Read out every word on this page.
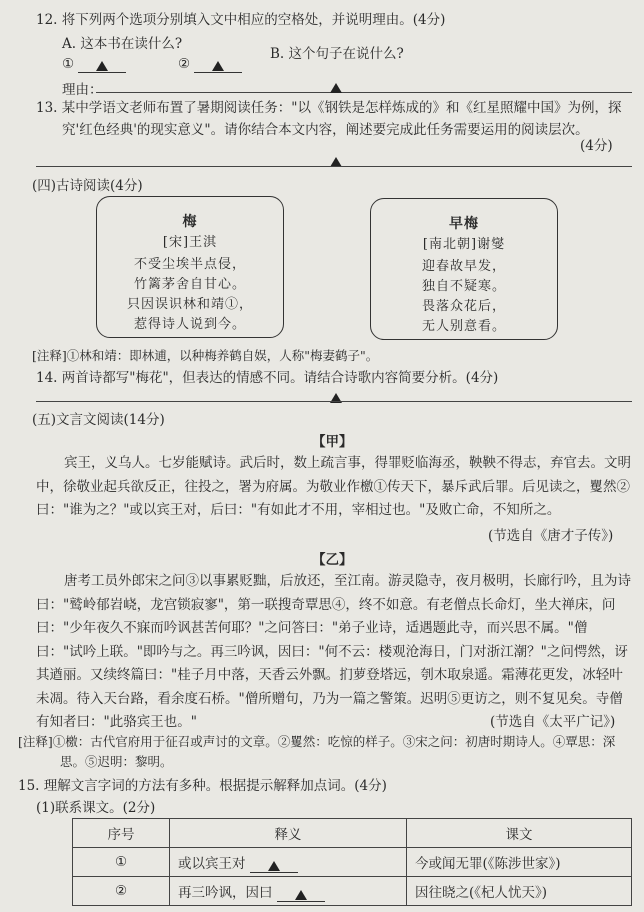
12. 将下列两个选项分别填入文中相应的空格处，并说明理由。(4分)
A. 这本书在读什么?
B. 这个句子在说什么?
①	②
理由：
13. 某中学语文老师布置了暑期阅读任务："以《钢铁是怎样炼成的》和《红星照耀中国》为例，探
究'红色经典'的现实意义"。请你结合本文内容，阐述要完成此任务需要运用的阅读层次。
(4分)
(四)古诗阅读(4分)
梅
[宋]王淇
不受尘埃半点侵，
竹篱茅舍自甘心。
只因误识林和靖①，
惹得诗人说到今。
早梅
[南北朝]谢燮
迎春故早发，
独自不疑寒。
畏落众花后，
无人别意看。
[注释]①林和靖：即林逋，以种梅养鹤自娱，人称"梅妻鹤子"。
14. 两首诗都写"梅花"，但表达的情感不同。请结合诗歌内容简要分析。(4分)
(五)文言文阅读(14分)
【甲】

宾王，义乌人。七岁能赋诗。武后时，数上疏言事，得罪贬临海丞，鞅鞅不得志，弃官去。文明中，徐敬业起兵欲反正，往投之，署为府属。为敬业作檄①传天下，暴斥武后罪。后见读之，矍然②曰："谁为之？"或以宾王对，后曰："有如此才不用，宰相过也。"及败亡命，不知所之。

(节选自《唐才子传》)
【乙】

唐考工员外郎宋之问③以事累贬黜，后放还，至江南。游灵隐寺，夜月极明，长廊行吟，且为诗曰："鹫岭郁岧峣，龙宫锁寂寥"，第一联搜奇覃思④，终不如意。有老僧点长命灯，坐大禅床，问曰："少年夜久不寐而吟讽甚苦何耶？"之问答曰："弟子业诗，适遇题此寺，而兴思不属。"僧曰："试吟上联。"即吟与之。再三吟讽，因曰："何不云：楼观沧海日，门对浙江潮？"之问愕然，讶其遒丽。又续终篇曰："桂子月中落，天香云外飘。扪萝登塔远，刳木取泉遥。霜薄花更发，冰轻叶未凋。待入天台路，看余度石桥。"僧所赠句，乃为一篇之警策。迟明⑤更访之，则不复见矣。寺僧有知者曰："此骆宾王也。"	(节选自《太平广记》)
[注释]①檄：古代官府用于征召或声讨的文章。②矍然：吃惊的样子。③宋之问：初唐时期诗人。④覃思：深
思。⑤迟明：黎明。
15. 理解文言字词的方法有多种。根据提示解释加点词。(4分)
(1)联系课文。(2分)
序号	释义	课文
①	或以宾王对	今或闻无罪(《陈涉世家》)
②	再三吟讽，因曰	因往晓之(《杞人忧天》)
